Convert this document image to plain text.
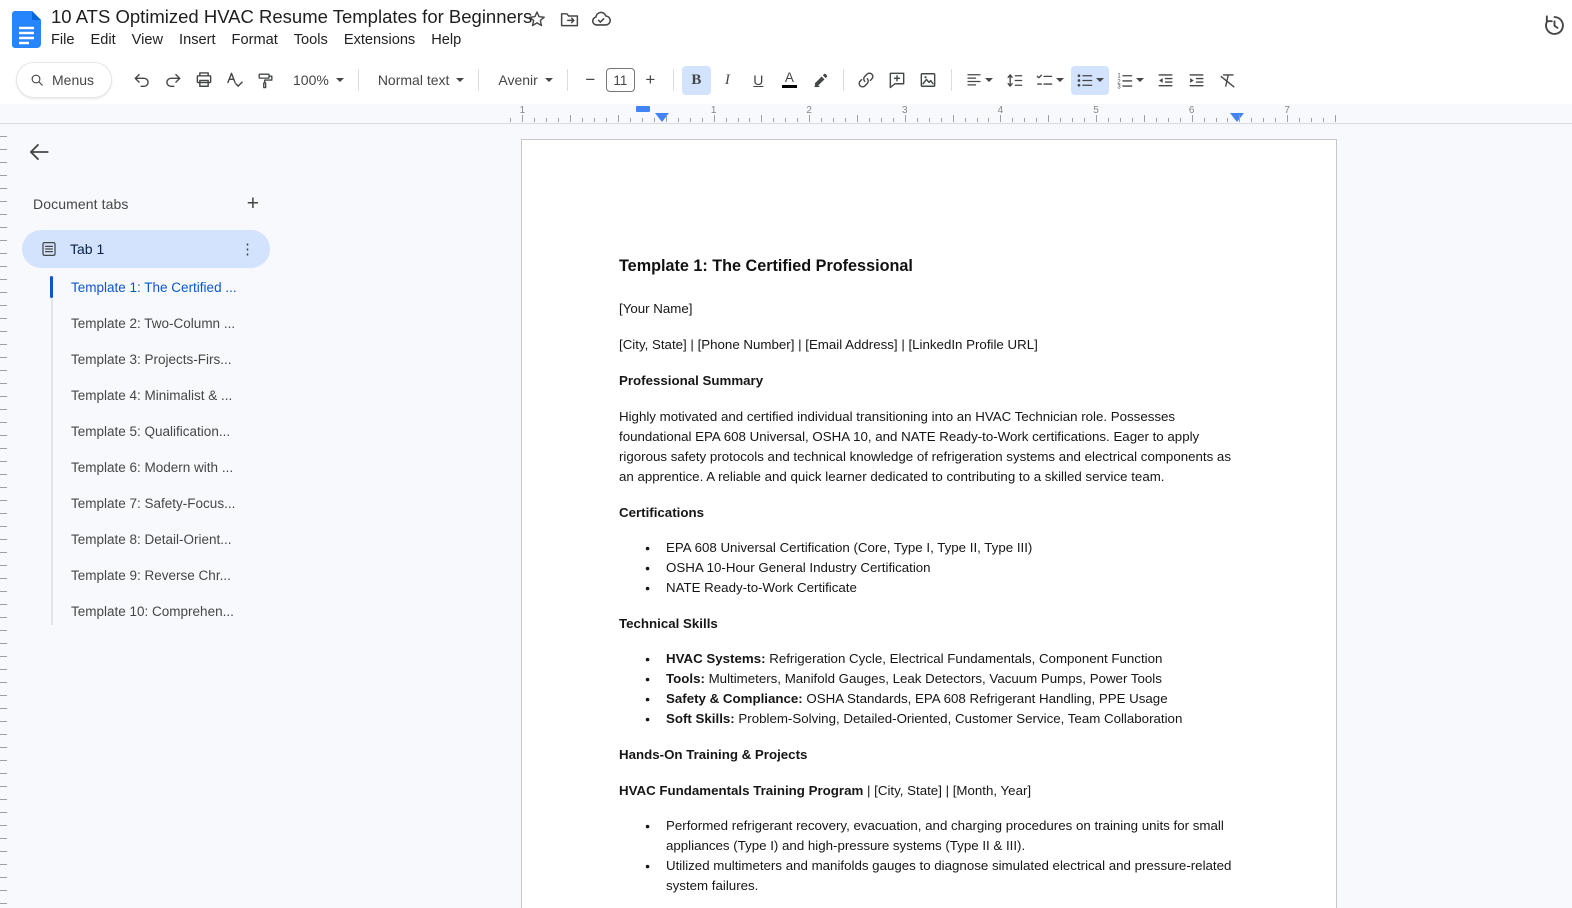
10 ATS Optimized HVAC Resume Templates for Beginners
File	Edit	View	Insert	Format	Tools	Extensions	Help
Menus	100%	Normal text	Avenir	−	11	+	B	I	U	A	1
2
3
1	1	2	3	4	5	6	7
Document tabs	+
Tab 1	⋮
Template 1: The Certified ...
Template 2: Two-Column ...
Template 3: Projects-Firs...
Template 4: Minimalist & ...
Template 5: Qualification...
Template 6: Modern with ...
Template 7: Safety-Focus...
Template 8: Detail-Orient...
Template 9: Reverse Chr...
Template 10: Comprehen...
Template 1: The Certified Professional

[Your Name]

[City, State] | [Phone Number] | [Email Address] | [LinkedIn Profile URL]

Professional Summary

Highly motivated and certified individual transitioning into an HVAC Technician role. Possesses foundational EPA 608 Universal, OSHA 10, and NATE Ready-to-Work certifications. Eager to apply rigorous safety protocols and technical knowledge of refrigeration systems and electrical components as an apprentice. A reliable and quick learner dedicated to contributing to a skilled service team.

Certifications
● EPA 608 Universal Certification (Core, Type I, Type II, Type III)
● OSHA 10-Hour General Industry Certification
● NATE Ready-to-Work Certificate
Technical Skills
● HVAC Systems: Refrigeration Cycle, Electrical Fundamentals, Component Function
● Tools: Multimeters, Manifold Gauges, Leak Detectors, Vacuum Pumps, Power Tools
● Safety & Compliance: OSHA Standards, EPA 608 Refrigerant Handling, PPE Usage
● Soft Skills: Problem-Solving, Detailed-Oriented, Customer Service, Team Collaboration
Hands-On Training & Projects

HVAC Fundamentals Training Program | [City, State] | [Month, Year]

● Performed refrigerant recovery, evacuation, and charging procedures on training units for small appliances (Type I) and high-pressure systems (Type II & III).
● Utilized multimeters and manifolds gauges to diagnose simulated electrical and pressure-related system failures.
